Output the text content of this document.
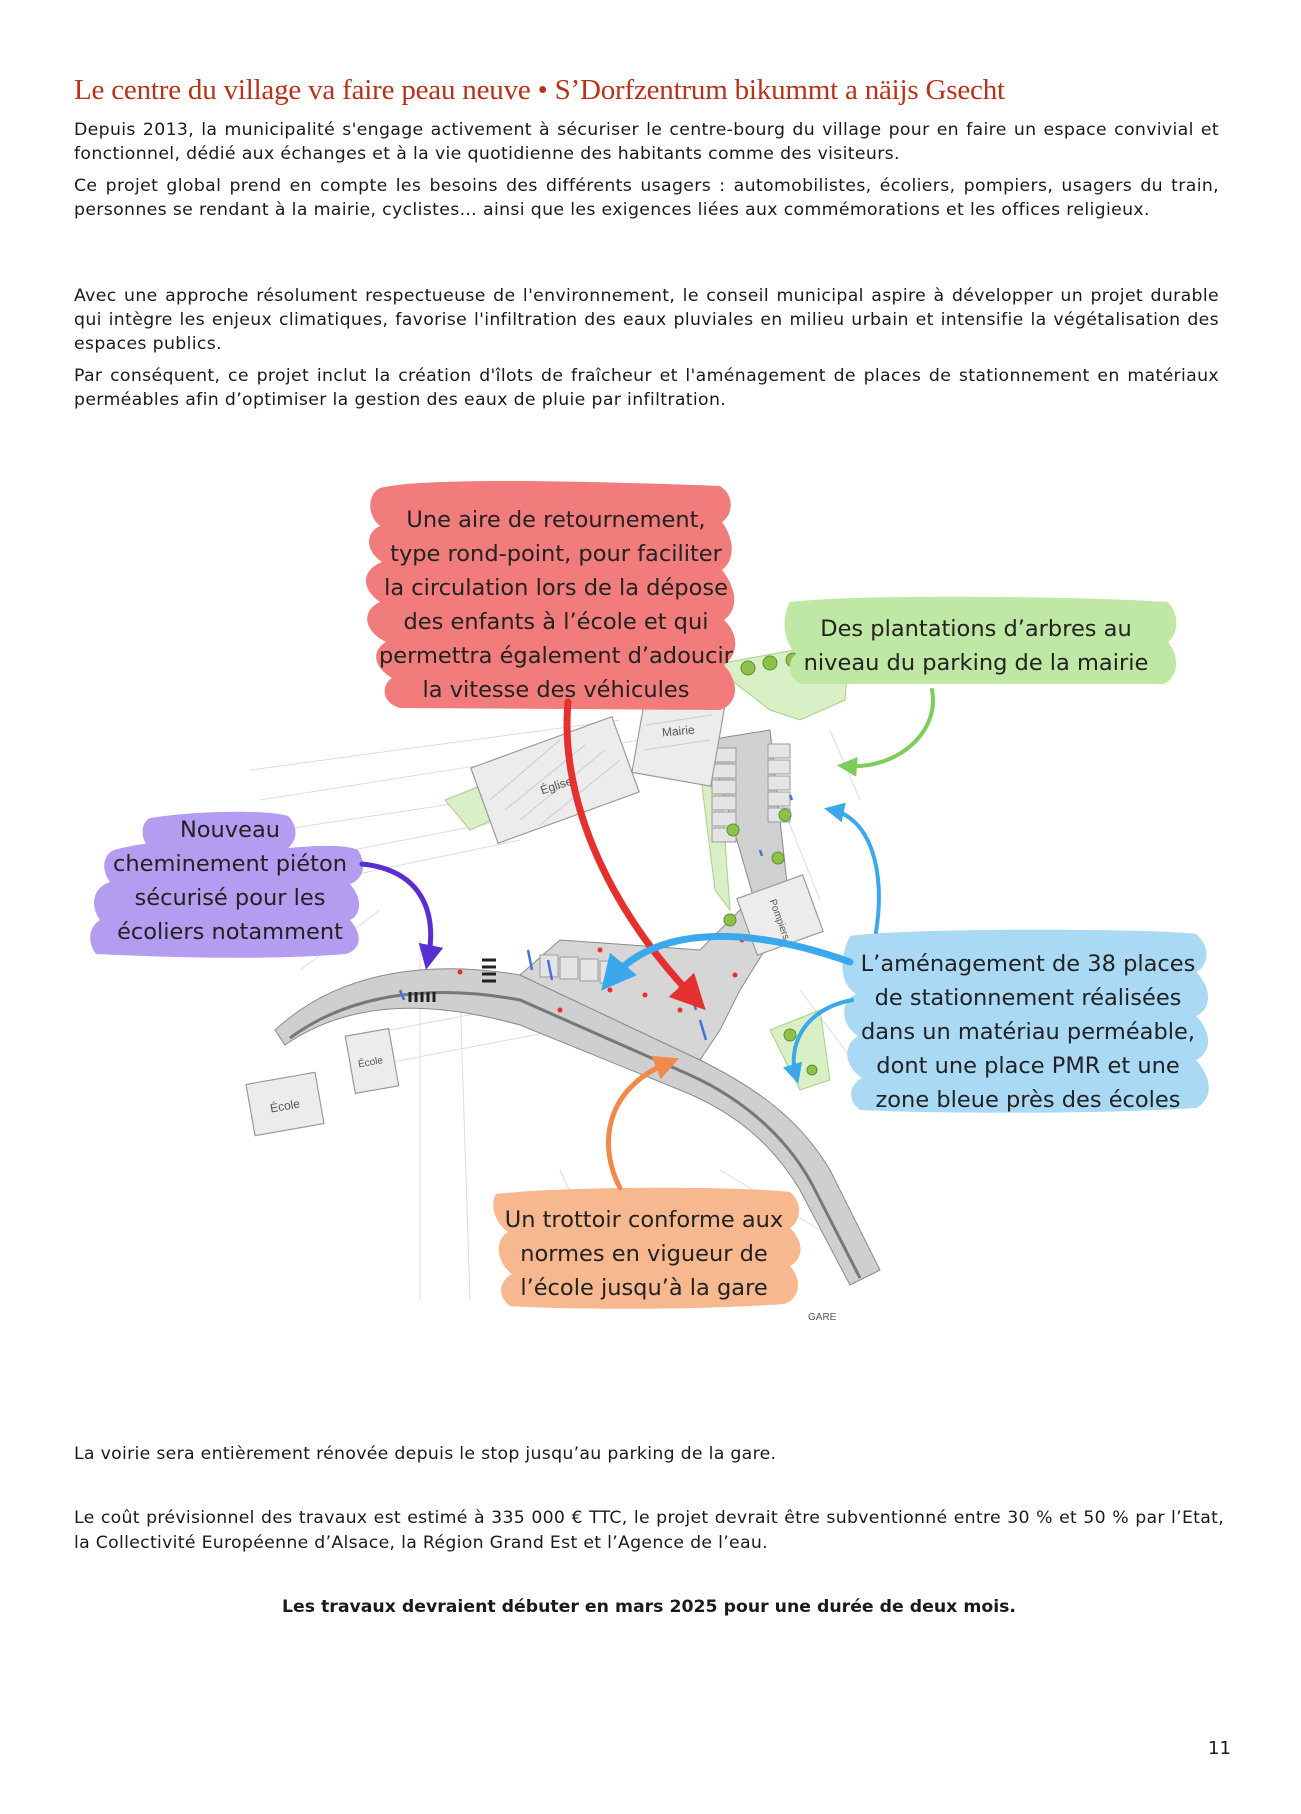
Le centre du village va faire peau neuve • S’Dorfzentrum bikummt a näijs Gsecht

Depuis 2013, la municipalité s'engage activement à sécuriser le centre-bourg du village pour en faire un espace convivial et fonctionnel, dédié aux échanges et à la vie quotidienne des habitants comme des visiteurs.

Ce projet global prend en compte les besoins des différents usagers : automobilistes, écoliers, pompiers, usagers du train, personnes se rendant à la mairie, cyclistes… ainsi que les exigences liées aux commémorations et les offices religieux.

Avec une approche résolument respectueuse de l'environnement, le conseil municipal aspire à développer un projet durable qui intègre les enjeux climatiques, favorise l'infiltration des eaux pluviales en milieu urbain et intensifie la végétalisation des espaces publics.

Par conséquent, ce projet inclut la création d'îlots de fraîcheur et l'aménagement de places de stationnement en matériaux perméables afin d’optimiser la gestion des eaux de pluie par infiltration.

Église
Mairie
Pompiers
École
École
GARE
Une aire de retournement,
type rond-point, pour faciliter
la circulation lors de la dépose
des enfants à l’école et qui
permettra également d’adoucir
la vitesse des véhicules
Des plantations d’arbres au
niveau du parking de la mairie
Nouveau
cheminement piéton
sécurisé pour les
écoliers notamment
L’aménagement de 38 places
de stationnement réalisées
dans un matériau perméable,
dont une place PMR et une
zone bleue près des écoles
Un trottoir conforme aux
normes en vigueur de
l’école jusqu’à la gare

La voirie sera entièrement rénovée depuis le stop jusqu’au parking de la gare.

Le coût prévisionnel des travaux est estimé à 335 000 € TTC, le projet devrait être subventionné entre 30 % et 50 % par l’Etat, la Collectivité Européenne d’Alsace, la Région Grand Est et l’Agence de l’eau.

Les travaux devraient débuter en mars 2025 pour une durée de deux mois.
11
